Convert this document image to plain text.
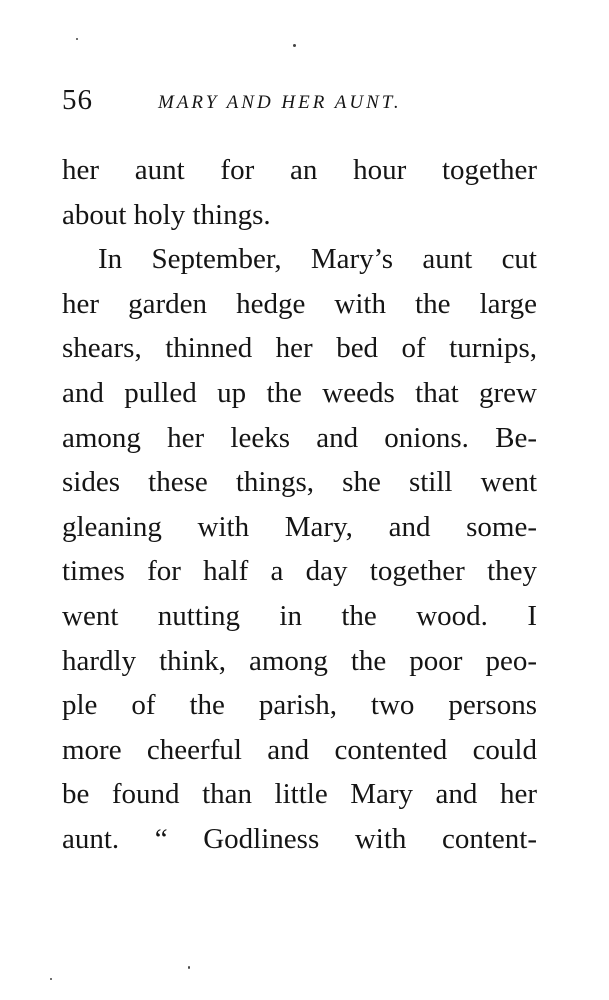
56	MARY AND HER AUNT.
her aunt for an hour together
about holy things.
In September, Mary’s aunt cut
her garden hedge with the large
shears, thinned her bed of turnips,
and pulled up the weeds that grew
among her leeks and onions. Be-
sides these things, she still went
gleaning with Mary, and some-
times for half a day together they
went nutting in the wood. I
hardly think, among the poor peo-
ple of the parish, two persons
more cheerful and contented could
be found than little Mary and her
aunt. “ Godliness with content-
